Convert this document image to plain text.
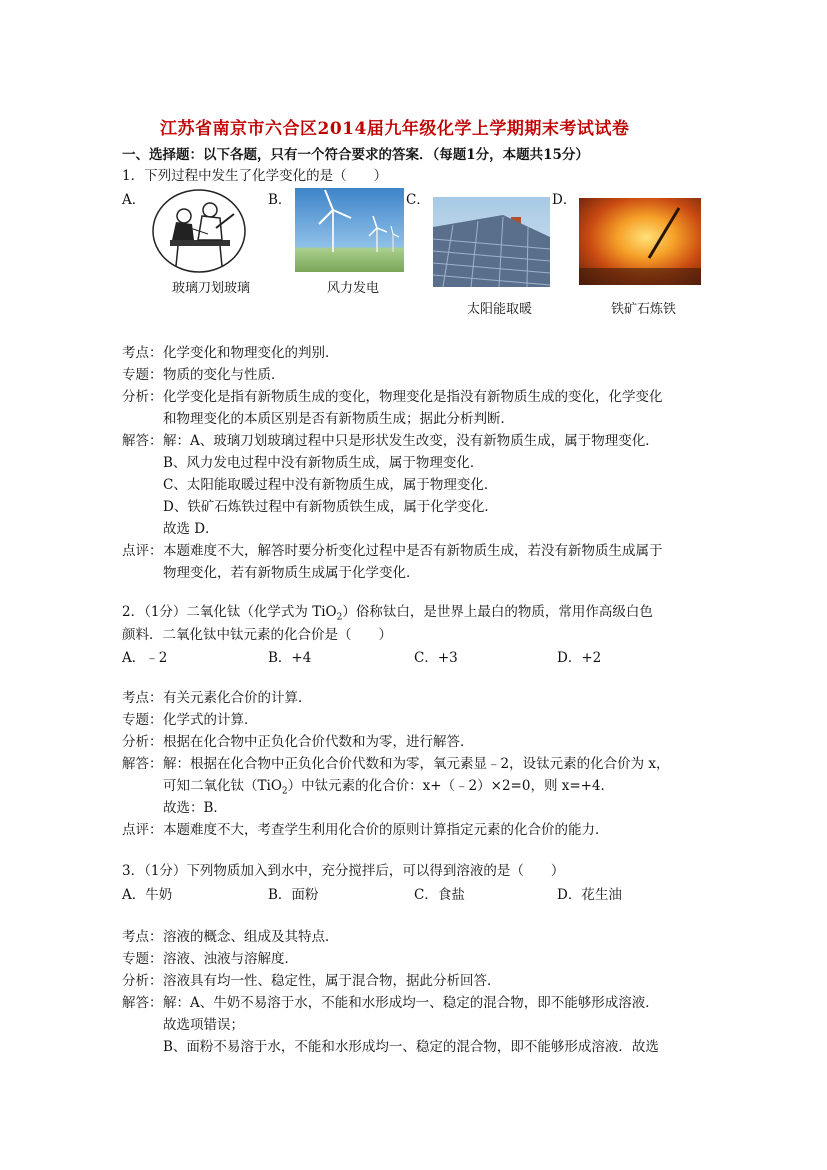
江苏省南京市六合区2014届九年级化学上学期期末考试试卷
一、选择题：以下各题，只有一个符合要求的答案．（每题1分，本题共15分）
1．下列过程中发生了化学变化的是（　　）
A．	B．	C．	D．
玻璃刀划玻璃	风力发电
太阳能取暖	铁矿石炼铁
考点： 化学变化和物理变化的判别．
专题： 物质的变化与性质．
分析： 化学变化是指有新物质生成的变化，物理变化是指没有新物质生成的变化，化学变化
和物理变化的本质区别是否有新物质生成；据此分析判断．
解答： 解：A、玻璃刀划玻璃过程中只是形状发生改变，没有新物质生成，属于物理变化．
B、风力发电过程中没有新物质生成，属于物理变化．
C、太阳能取暖过程中没有新物质生成，属于物理变化．
D、铁矿石炼铁过程中有新物质铁生成，属于化学变化．
故选 D．
点评： 本题难度不大，解答时要分析变化过程中是否有新物质生成，若没有新物质生成属于
物理变化，若有新物质生成属于化学变化．
2．（1分）二氧化钛（化学式为 TiO$_2$）俗称钛白，是世界上最白的物质，常用作高级白色
颜料．二氧化钛中钛元素的化合价是（　　）
A．﹣2	B．+4	C．+3	D．+2
考点： 有关元素化合价的计算．
专题： 化学式的计算．
分析： 根据在化合物中正负化合价代数和为零，进行解答．
解答： 解：根据在化合物中正负化合价代数和为零，氧元素显﹣2，设钛元素的化合价为 x，
可知二氧化钛（TiO$_2$）中钛元素的化合价：x+（﹣2）×2=0，则 x=+4．
故选：B．
点评： 本题难度不大，考查学生利用化合价的原则计算指定元素的化合价的能力．
3．（1分）下列物质加入到水中，充分搅拌后，可以得到溶液的是（　　）
A．牛奶	B．面粉	C．食盐	D．花生油
考点： 溶液的概念、组成及其特点．
专题： 溶液、浊液与溶解度．
分析： 溶液具有均一性、稳定性，属于混合物，据此分析回答．
解答： 解：A、牛奶不易溶于水，不能和水形成均一、稳定的混合物，即不能够形成溶液．
故选项错误；
B、面粉不易溶于水，不能和水形成均一、稳定的混合物，即不能够形成溶液．故选
